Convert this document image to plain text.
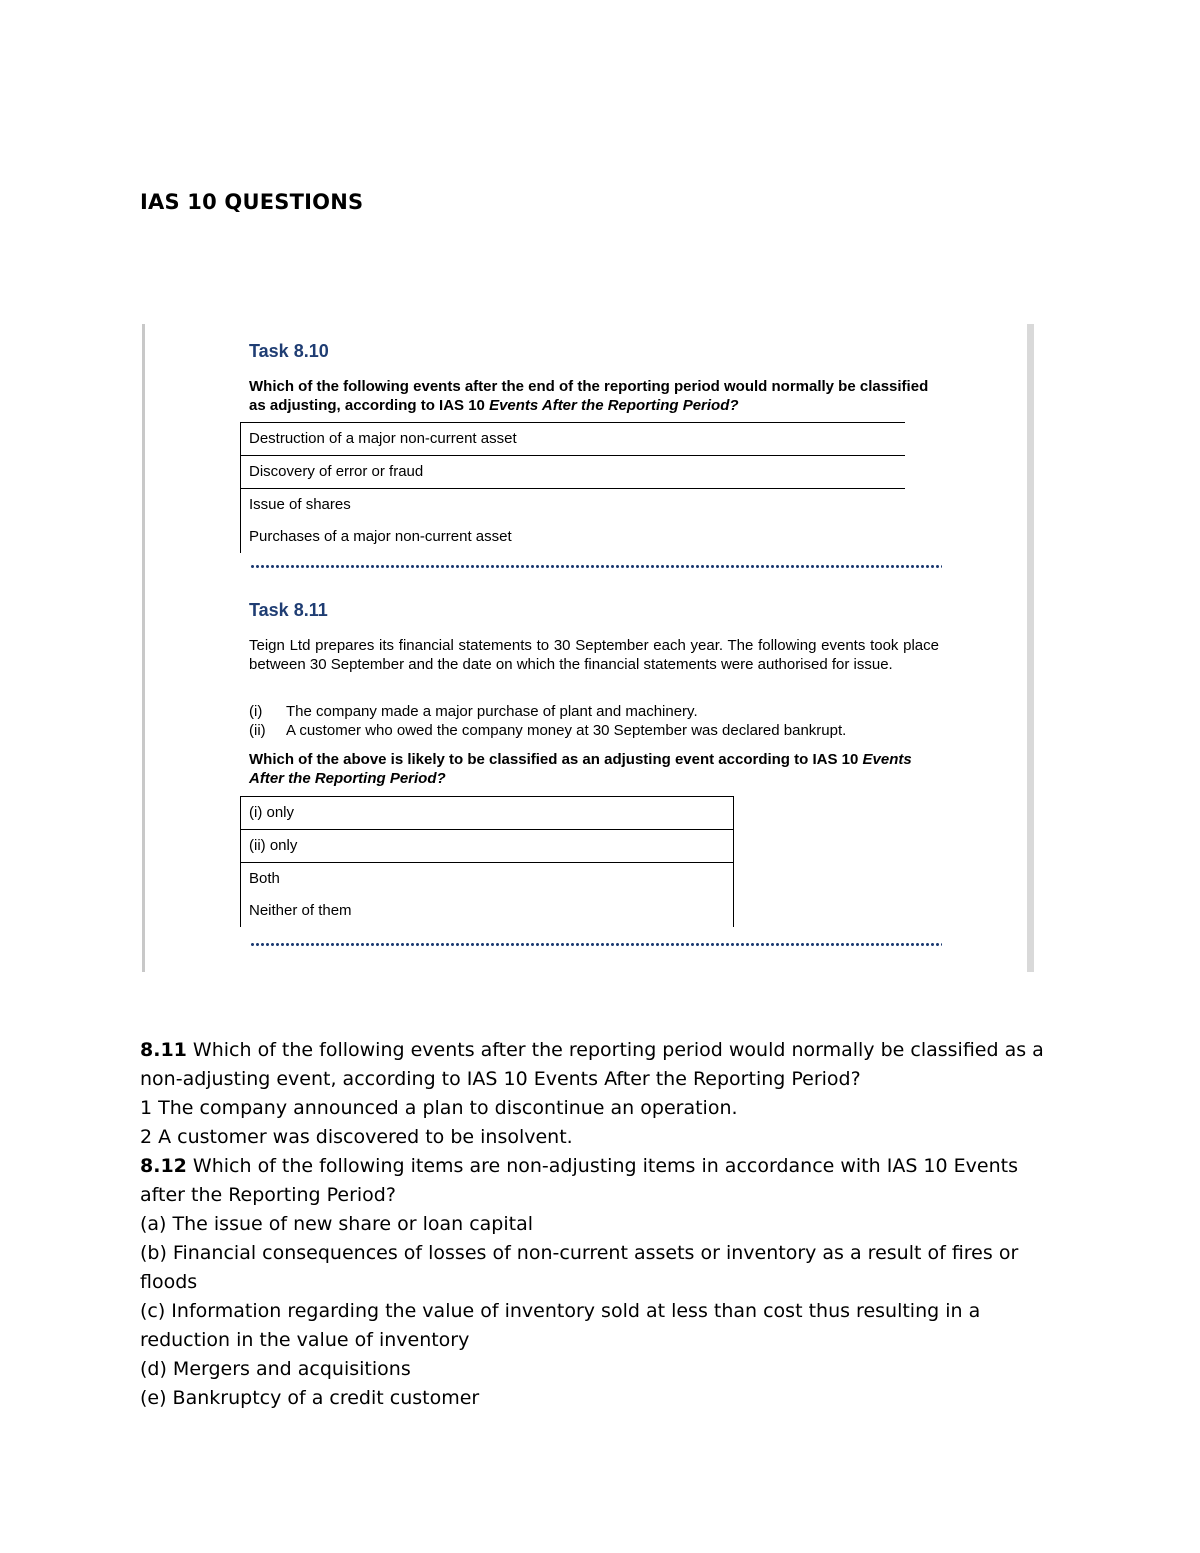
IAS 10 QUESTIONS
Task 8.10
Which of the following events after the end of the reporting period would normally be classified as adjusting, according to IAS 10 Events After the Reporting Period?
Destruction of a major non-current asset
Discovery of error or fraud
Issue of shares
Purchases of a major non-current asset
Task 8.11
Teign Ltd prepares its financial statements to 30 September each year. The following events took place between 30 September and the date on which the financial statements were authorised for issue.
(i)	The company made a major purchase of plant and machinery.
(ii)	A customer who owed the company money at 30 September was declared bankrupt.
Which of the above is likely to be classified as an adjusting event according to IAS 10 Events After the Reporting Period?
(i) only
(ii) only
Both
Neither of them
8.11 Which of the following events after the reporting period would normally be classified as a
non-adjusting event, according to IAS 10 Events After the Reporting Period?
1 The company announced a plan to discontinue an operation.
2 A customer was discovered to be insolvent.
8.12 Which of the following items are non-adjusting items in accordance with IAS 10 Events
after the Reporting Period?
(a) The issue of new share or loan capital
(b) Financial consequences of losses of non-current assets or inventory as a result of fires or
floods
(c) Information regarding the value of inventory sold at less than cost thus resulting in a
reduction in the value of inventory
(d) Mergers and acquisitions
(e) Bankruptcy of a credit customer
